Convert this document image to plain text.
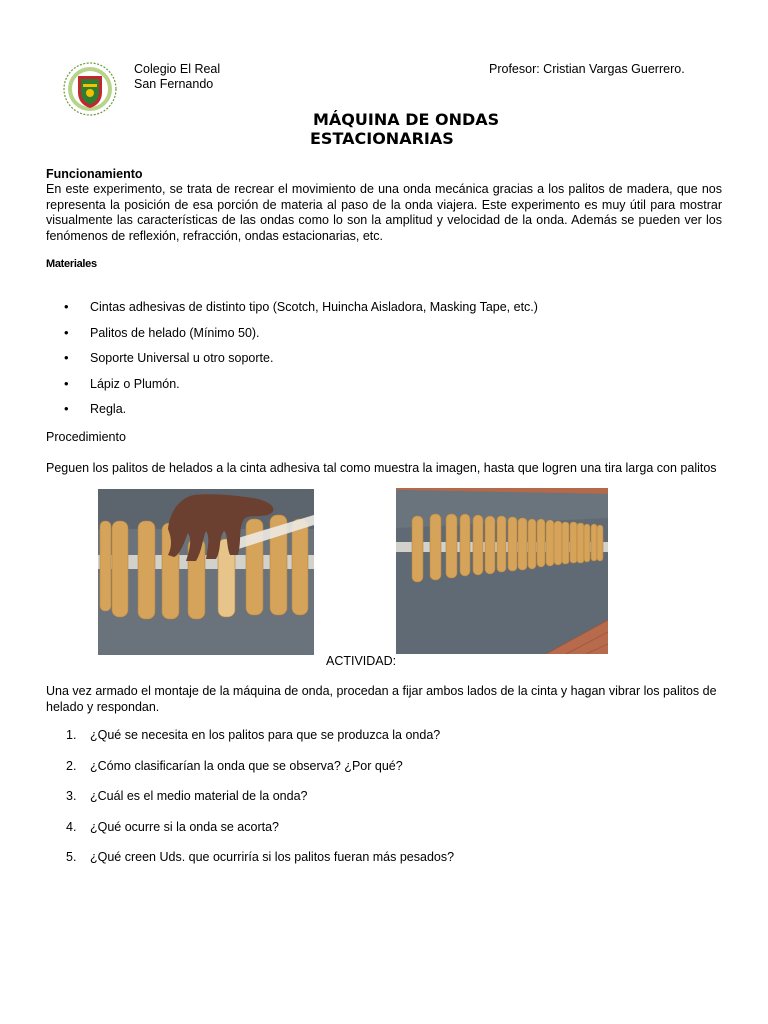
Colegio El Real
San Fernando
Profesor: Cristian Vargas Guerrero.
MÁQUINA DE ONDAS
ESTACIONARIAS
Funcionamiento
En este experimento, se trata de recrear el movimiento de una onda mecánica gracias a los palitos de madera, que nos representa la posición de esa porción de materia al paso de la onda viajera. Este experimento es muy útil para mostrar visualmente las características de las ondas como lo son la amplitud y velocidad de la onda. Además se pueden ver los fenómenos de reflexión, refracción, ondas estacionarias, etc.
Materiales
• Cintas adhesivas de distinto tipo (Scotch, Huincha Aisladora, Masking Tape, etc.)
• Palitos de helado (Mínimo 50).
• Soporte Universal u otro soporte.
• Lápiz o Plumón.
• Regla.
Procedimiento
Peguen los palitos de helados a la cinta adhesiva tal como muestra la imagen, hasta que logren una tira larga con palitos
ACTIVIDAD:
Una vez armado el montaje de la máquina de onda, procedan a fijar ambos lados de la cinta y hagan vibrar los palitos de helado y respondan.
1.	¿Qué se necesita en los palitos para que se produzca la onda?
2.	¿Cómo clasificarían la onda que se observa? ¿Por qué?
3.	¿Cuál es el medio material de la onda?
4.	¿Qué ocurre si la onda se acorta?
5.	¿Qué creen Uds. que ocurriría si los palitos fueran más pesados?
